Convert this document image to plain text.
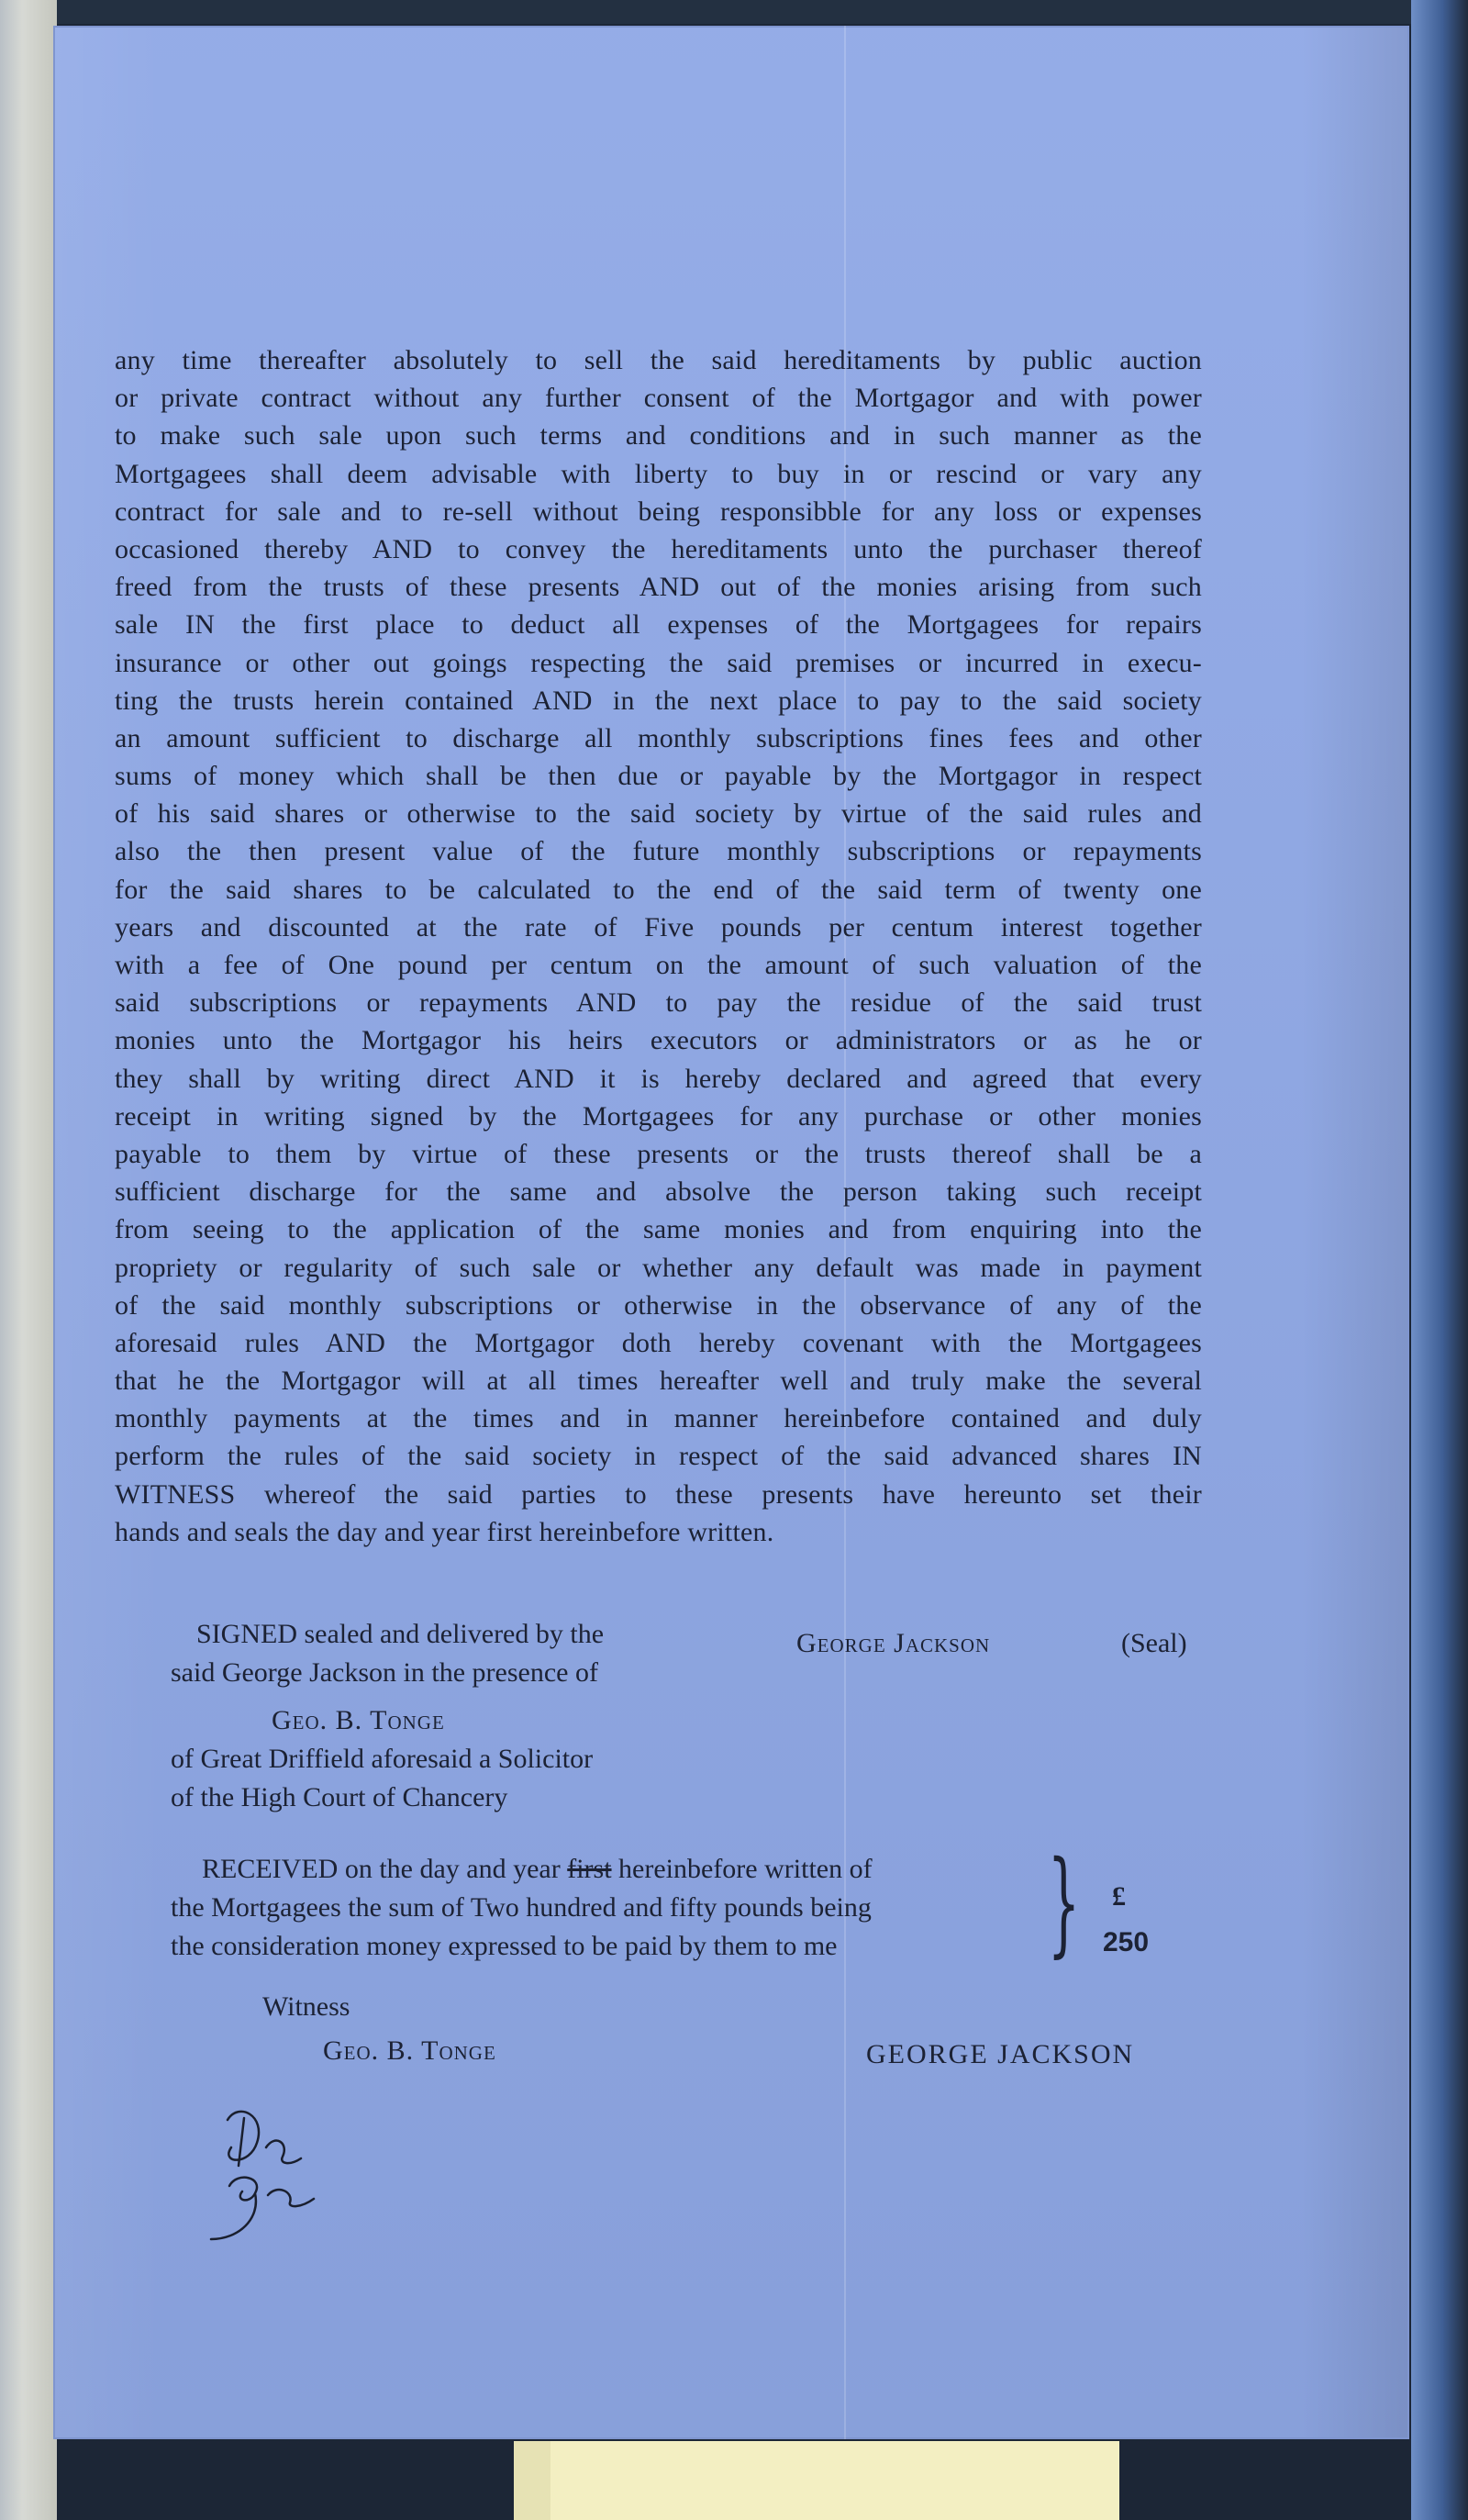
any time thereafter absolutely to sell the said hereditaments by public auction
or private contract without any further consent of the Mortgagor and with power
to make such sale upon such terms and conditions and in such manner as the
Mortgagees shall deem advisable with liberty to buy in or rescind or vary any
contract for sale and to re-sell without being responsibble for any loss or expenses
occasioned thereby AND to convey the hereditaments unto the purchaser thereof
freed from the trusts of these presents AND out of the monies arising from such
sale IN the first place to deduct all expenses of the Mortgagees for repairs
insurance or other out goings respecting the said premises or incurred in execu-
ting the trusts herein contained AND in the next place to pay to the said society
an amount sufficient to discharge all monthly subscriptions fines fees and other
sums of money which shall be then due or payable by the Mortgagor in respect
of his said shares or otherwise to the said society by virtue of the said rules and
also the then present value of the future monthly subscriptions or repayments
for the said shares to be calculated to the end of the said term of twenty one
years and discounted at the rate of Five pounds per centum interest together
with a fee of One pound per centum on the amount of such valuation of the
said subscriptions or repayments AND to pay the residue of the said trust
monies unto the Mortgagor his heirs executors or administrators or as he or
they shall by writing direct AND it is hereby declared and agreed that every
receipt in writing signed by the Mortgagees for any purchase or other monies
payable to them by virtue of these presents or the trusts thereof shall be a
sufficient discharge for the same and absolve the person taking such receipt
from seeing to the application of the same monies and from enquiring into the
propriety or regularity of such sale or whether any default was made in payment
of the said monthly subscriptions or otherwise in the observance of any of the
aforesaid rules AND the Mortgagor doth hereby covenant with the Mortgagees
that he the Mortgagor will at all times hereafter well and truly make the several
monthly payments at the times and in manner hereinbefore contained and duly
perform the rules of the said society in respect of the said advanced shares IN
WITNESS whereof the said parties to these presents have hereunto set their
hands and seals the day and year first hereinbefore written.
SIGNED sealed and delivered by the
said George Jackson in the presence of
Geo. B. Tonge
of Great Driffield aforesaid a Solicitor
of the High Court of Chancery
George Jackson	(Seal)
RECEIVED on the day and year first hereinbefore written of
the Mortgagees the sum of Two hundred and fifty pounds being
the consideration money expressed to be paid by them to me } £
250
Witness
Geo. B. Tonge	GEORGE JACKSON
